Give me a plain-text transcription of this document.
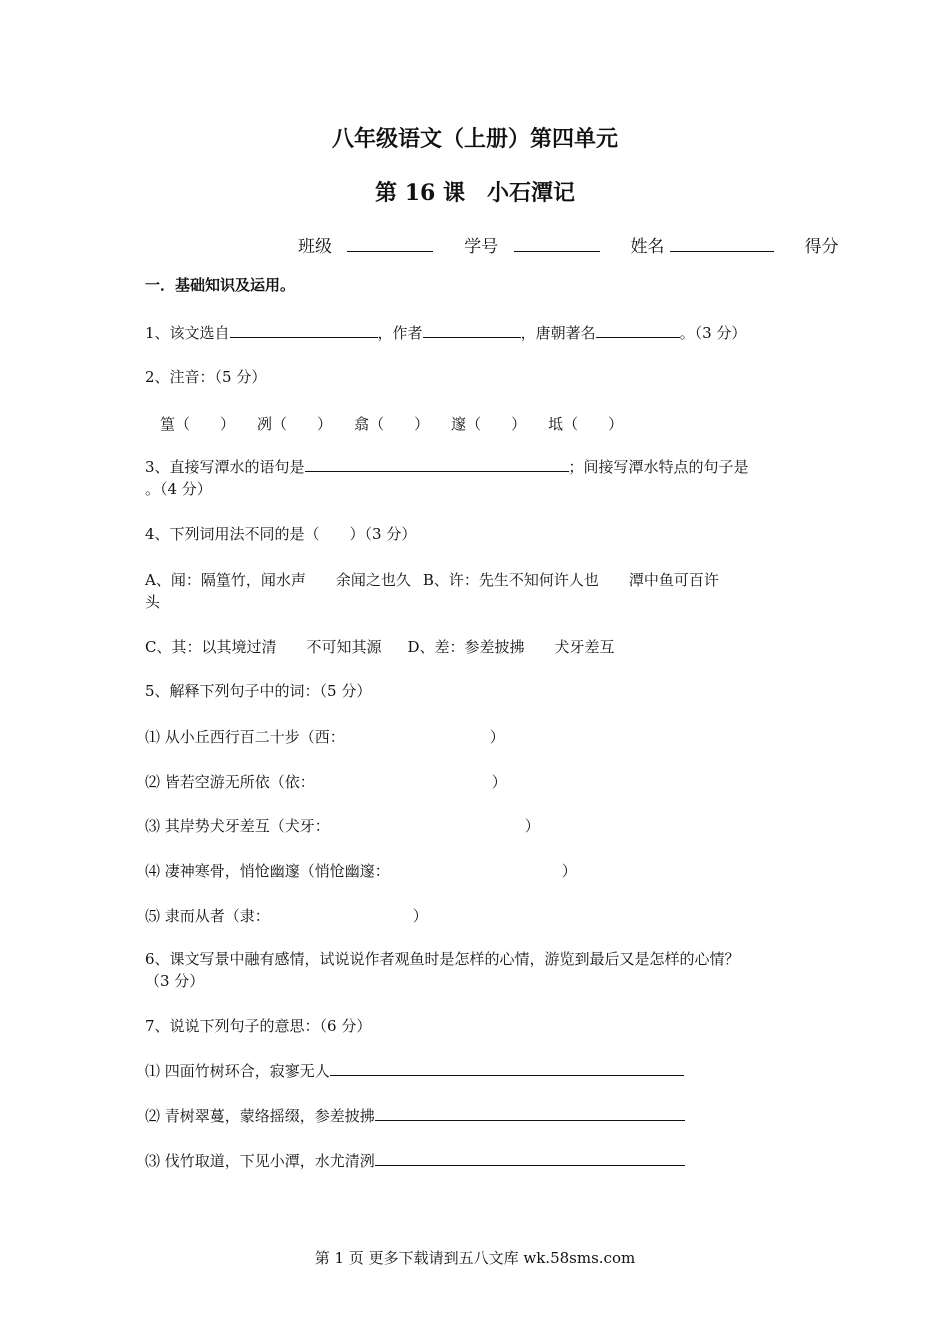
八年级语文（上册）第四单元
第 16 课　小石潭记
班级	学号	姓名	得分
一．基础知识及运用。
1、该文选自	，作者	，唐朝著名	。（3 分）
2、注音：（5 分）
篁（ ） 冽（ ） 翕（ ） 邃（ ） 坻（ ）
3、直接写潭水的语句是	；间接写潭水特点的句子是
。（4 分）
4、下列词用法不同的是（　　）（3 分）
A、闻：隔篁竹，闻水声　　余闻之也久 B、许：先生不知何许人也　　潭中鱼可百许
头
C、其：以其境过清　　不可知其源 D、差：参差披拂　　犬牙差互
5、解释下列句子中的词：（5 分）
⑴ 从小丘西行百二十步（西：	）
⑵ 皆若空游无所依（依：	）
⑶ 其岸势犬牙差互（犬牙：	）
⑷ 凄神寒骨，悄怆幽邃（悄怆幽邃：	）
⑸ 隶而从者（隶：	）
6、课文写景中融有感情，试说说作者观鱼时是怎样的心情，游览到最后又是怎样的心情？
（3 分）
7、说说下列句子的意思：（6 分）
⑴ 四面竹树环合，寂寥无人
⑵ 青树翠蔓，蒙络摇缀，参差披拂
⑶ 伐竹取道，下见小潭，水尤清洌
第 1 页 更多下载请到五八文库 wk.58sms.com
